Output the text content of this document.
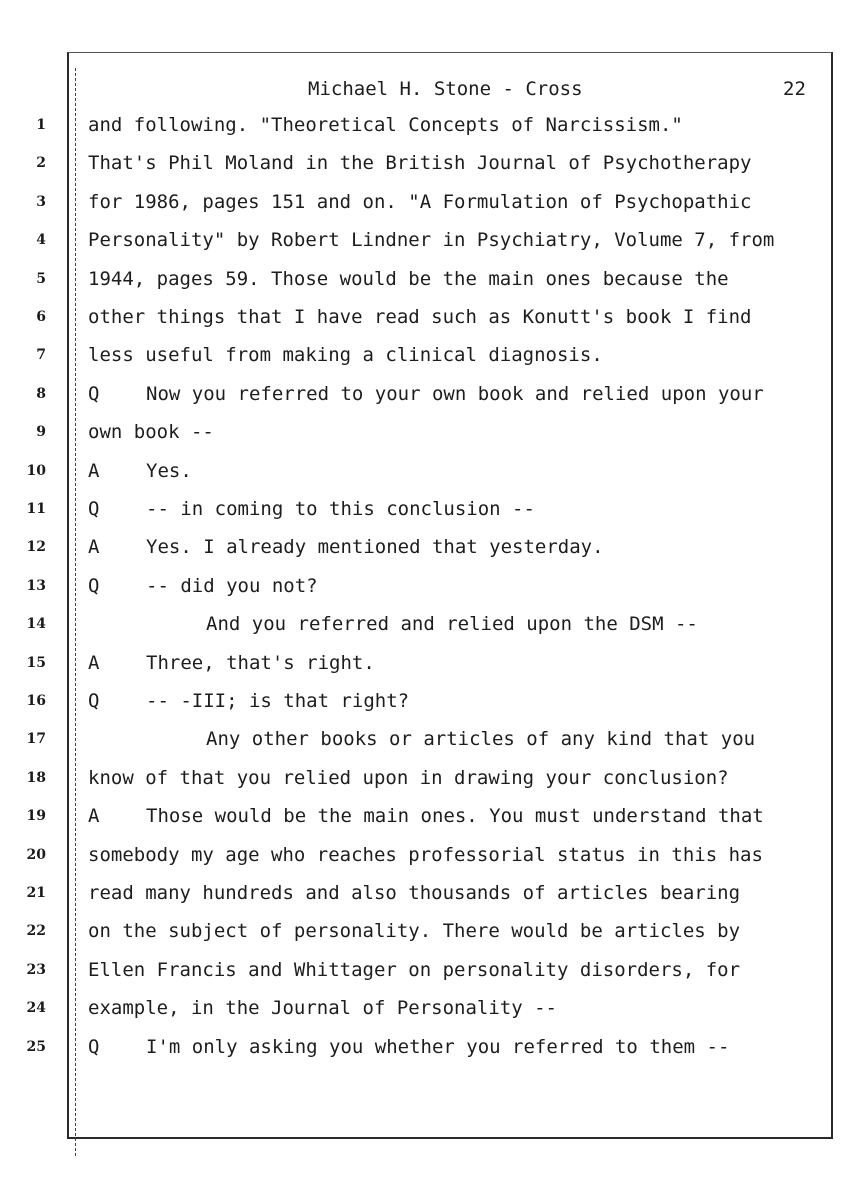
Michael H. Stone - Cross	22
1 and following. "Theoretical Concepts of Narcissism."
2 That's Phil Moland in the British Journal of Psychotherapy
3 for 1986, pages 151 and on. "A Formulation of Psychopathic
4 Personality" by Robert Lindner in Psychiatry, Volume 7, from
5 1944, pages 59. Those would be the main ones because the
6 other things that I have read such as Konutt's book I find
7 less useful from making a clinical diagnosis.
8 Q	Now you referred to your own book and relied upon your
9 own book --
10 A	Yes.
11 Q	-- in coming to this conclusion --
12 A	Yes. I already mentioned that yesterday.
13 Q	-- did you not?
14	And you referred and relied upon the DSM --
15 A	Three, that's right.
16 Q	-- -III; is that right?
17	Any other books or articles of any kind that you
18 know of that you relied upon in drawing your conclusion?
19 A	Those would be the main ones. You must understand that
20 somebody my age who reaches professorial status in this has
21 read many hundreds and also thousands of articles bearing
22 on the subject of personality. There would be articles by
23 Ellen Francis and Whittager on personality disorders, for
24 example, in the Journal of Personality --
25 Q	I'm only asking you whether you referred to them --
